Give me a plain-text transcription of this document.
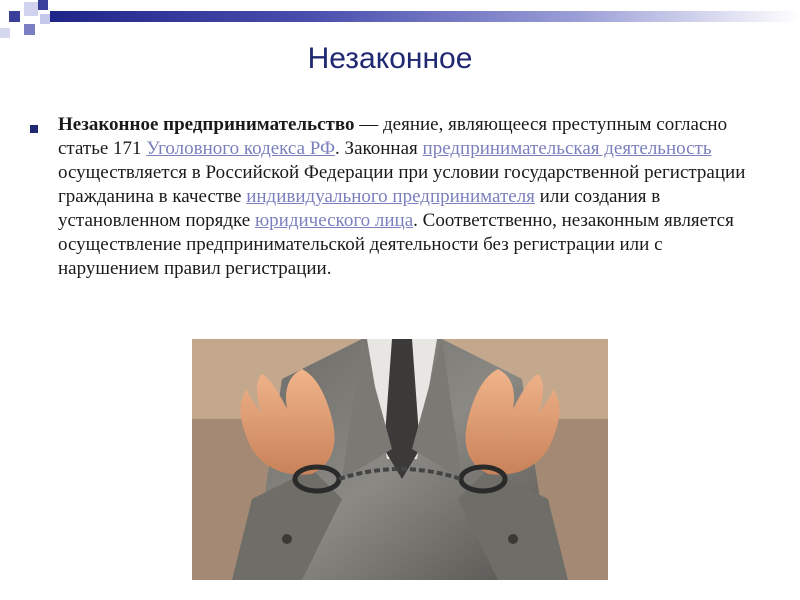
Незаконное
Незаконное предпринимательство — деяние, являющееся преступным согласно статье 171 Уголовного кодекса РФ. Законная предпринимательская деятельность осуществляется в Российской Федерации при условии государственной регистрации гражданина в качестве индивидуального предпринимателя или создания в установленном порядке юридического лица. Соответственно, незаконным является осуществление предпринимательской деятельности без регистрации или с нарушением правил регистрации.
